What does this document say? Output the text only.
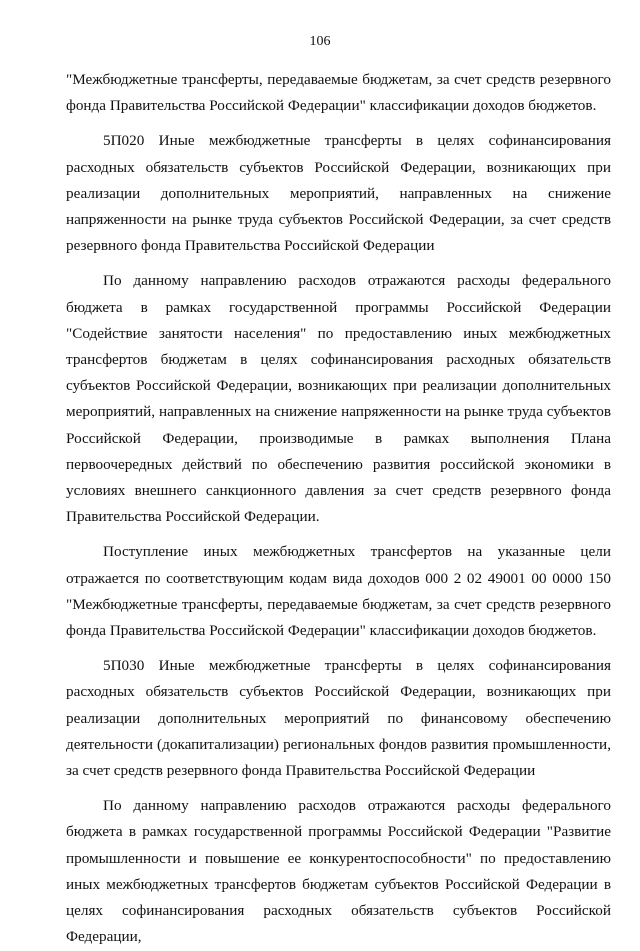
106

"Межбюджетные трансферты, передаваемые бюджетам, за счет средств резервного фонда Правительства Российской Федерации" классификации доходов бюджетов.

5П020 Иные межбюджетные трансферты в целях софинансирования расходных обязательств субъектов Российской Федерации, возникающих при реализации дополнительных мероприятий, направленных на снижение напряженности на рынке труда субъектов Российской Федерации, за счет средств резервного фонда Правительства Российской Федерации

По данному направлению расходов отражаются расходы федерального бюджета в рамках государственной программы Российской Федерации "Содействие занятости населения" по предоставлению иных межбюджетных трансфертов бюджетам в целях софинансирования расходных обязательств субъектов Российской Федерации, возникающих при реализации дополнительных мероприятий, направленных на снижение напряженности на рынке труда субъектов Российской Федерации, производимые в рамках выполнения Плана первоочередных действий по обеспечению развития российской экономики в условиях внешнего санкционного давления за счет средств резервного фонда Правительства Российской Федерации.

Поступление иных межбюджетных трансфертов на указанные цели отражается по соответствующим кодам вида доходов 000 2 02 49001 00 0000 150 "Межбюджетные трансферты, передаваемые бюджетам, за счет средств резервного фонда Правительства Российской Федерации" классификации доходов бюджетов.

5П030 Иные межбюджетные трансферты в целях софинансирования расходных обязательств субъектов Российской Федерации, возникающих при реализации дополнительных мероприятий по финансовому обеспечению деятельности (докапитализации) региональных фондов развития промышленности, за счет средств резервного фонда Правительства Российской Федерации

По данному направлению расходов отражаются расходы федерального бюджета в рамках государственной программы Российской Федерации "Развитие промышленности и повышение ее конкурентоспособности" по предоставлению иных межбюджетных трансфертов бюджетам субъектов Российской Федерации в целях софинансирования расходных обязательств субъектов Российской Федерации,
